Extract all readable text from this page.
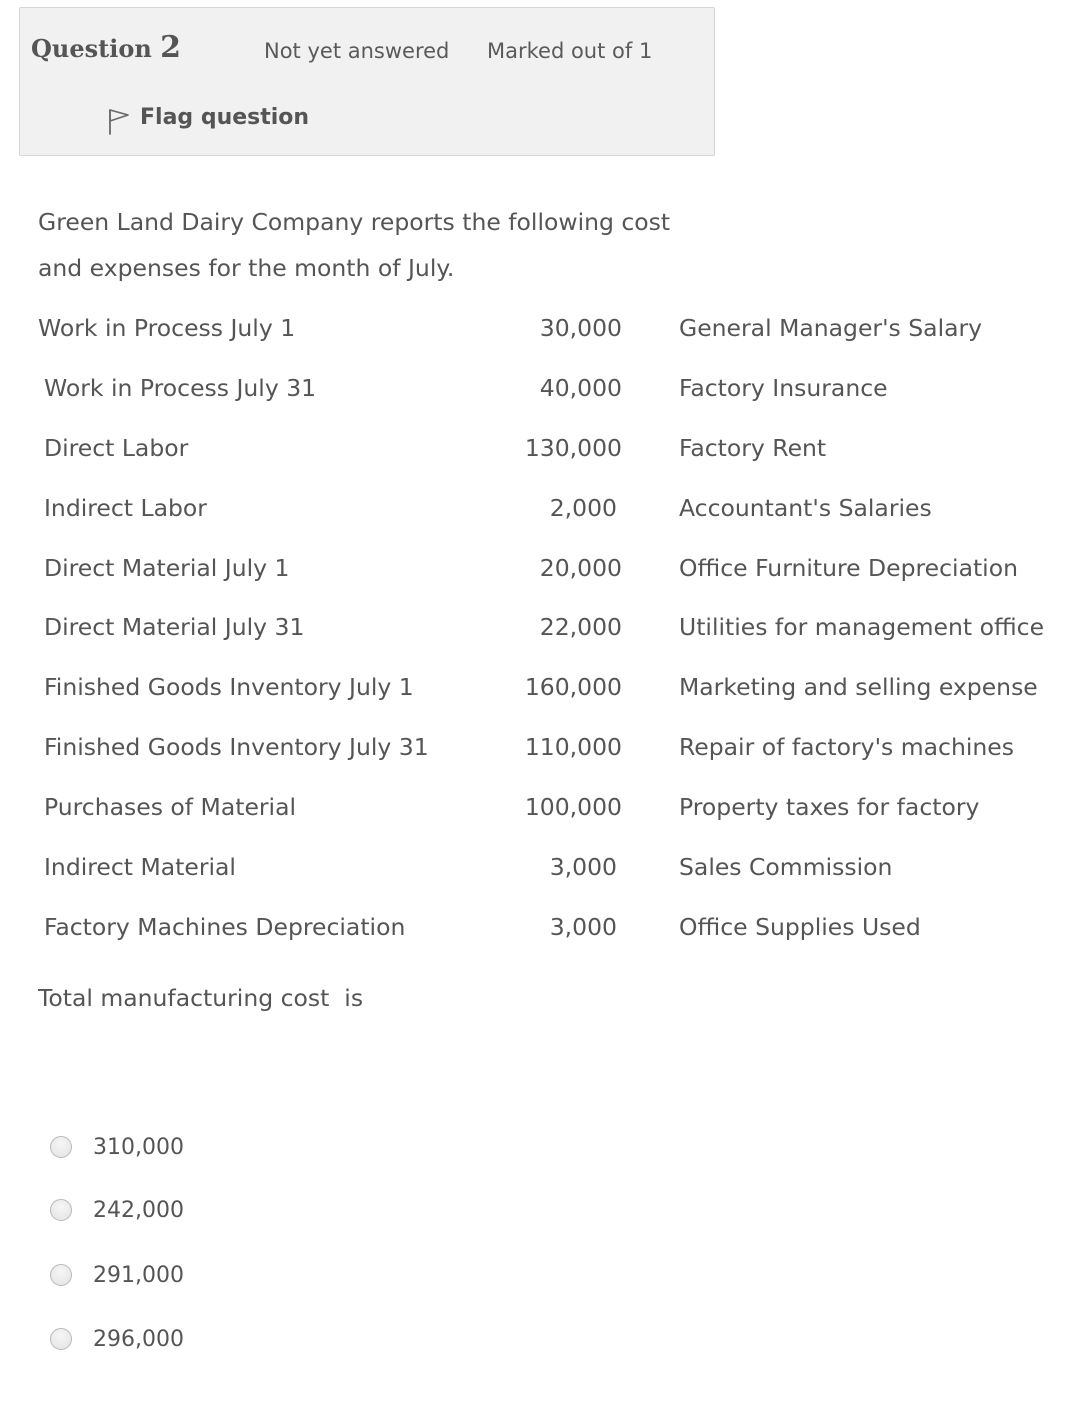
Question 2	Not yet answered Marked out of 1
Flag question
Green Land Dairy Company reports the following cost
and expenses for the month of July.
Work in Process July 1	30,000 General Manager's Salary
Work in Process July 31	40,000 Factory Insurance
Direct Labor	130,000 Factory Rent
Indirect Labor	2,000	Accountant's Salaries
Direct Material July 1	20,000 Office Furniture Depreciation
Direct Material July 31	22,000 Utilities for management office
Finished Goods Inventory July 1	160,000 Marketing and selling expense
Finished Goods Inventory July 31	110,000 Repair of factory's machines
Purchases of Material	100,000 Property taxes for factory
Indirect Material	3,000	Sales Commission
Factory Machines Depreciation	3,000	Office Supplies Used
Total manufacturing cost  is
310,000
242,000
291,000
296,000
